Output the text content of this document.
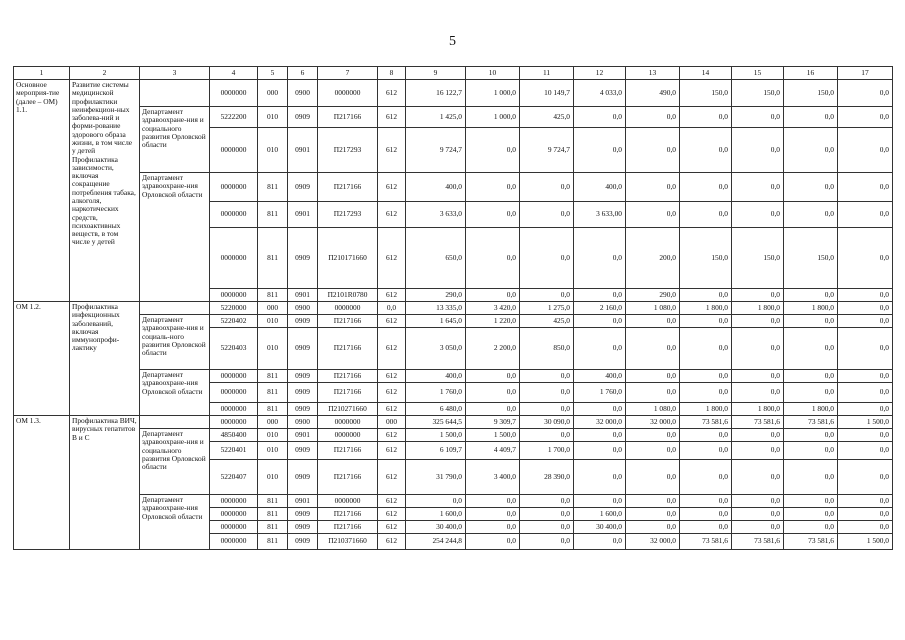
5
1	2	3	4	5	6	7	8	9	10	11	12	13	14	15	16	17
Основное мероприя-тие (далее – ОМ) 1.1.	Развитие системы медицинской профилактики неинфекцион-ных заболева-ний и форми-рование здорового образа жизни, в том числе у детей Профилактика зависимости, включая сокращение потребления табака, алкоголя, наркотических средств, психоактивных веществ, в том числе у детей		0000000	000	0900	0000000	612	16 122,7	1 000,0	10 149,7	4 033,0	490,0	150,0	150,0	150,0	0,0
		Департамент здравоохране-ния и социального развития Орловской области	5222200	010	0909	П217166	612	1 425,0	1 000,0	425,0	0,0	0,0	0,0	0,0	0,0	0,0
			0000000	010	0901	П217293	612	9 724,7	0,0	9 724,7	0,0	0,0	0,0	0,0	0,0	0,0
		Департамент здравоохране-ния Орловской области	0000000	811	0909	П217166	612	400,0	0,0	0,0	400,0	0,0	0,0	0,0	0,0	0,0
			0000000	811	0901	П217293	612	3 633,0	0,0	0,0	3 633,00	0,0	0,0	0,0	0,0	0,0
			0000000	811	0909	П210171660	612	650,0	0,0	0,0	0,0	200,0	150,0	150,0	150,0	0,0
			0000000	811	0901	П2101R0780	612	290,0	0,0	0,0	0,0	290,0	0,0	0,0	0,0	0,0
ОМ 1.2.	Профилактика инфекционных заболеваний, включая иммунопрофи-лактику		5220000	000	0900	0000000	0,0	13 335,0	3 420,0	1 275,0	2 160,0	1 080,0	1 800,0	1 800,0	1 800,0	0,0
		Департамент здравоохране-ния и социаль-ного развития Орловской области	5220402	010	0909	П217166	612	1 645,0	1 220,0	425,0	0,0	0,0	0,0	0,0	0,0	0,0
			5220403	010	0909	П217166	612	3 050,0	2 200,0	850,0	0,0	0,0	0,0	0,0	0,0	0,0
		Департамент здравоохране-ния Орловской области	0000000	811	0909	П217166	612	400,0	0,0	0,0	400,0	0,0	0,0	0,0	0,0	0,0
			0000000	811	0909	П217166	612	1 760,0	0,0	0,0	1 760,0	0,0	0,0	0,0	0,0	0,0
			0000000	811	0909	П210271660	612	6 480,0	0,0	0,0	0,0	1 080,0	1 800,0	1 800,0	1 800,0	0,0
ОМ 1.3.	Профилактика ВИЧ, вирусных гепатитов В и С		0000000	000	0900	0000000	000	325 644,5	9 309,7	30 090,0	32 000,0	32 000,0	73 581,6	73 581,6	73 581,6	1 500,0
		Департамент здравоохране-ния и социального развития Орловской области	4850400	010	0901	0000000	612	1 500,0	1 500,0	0,0	0,0	0,0	0,0	0,0	0,0	0,0
			5220401	010	0909	П217166	612	6 109,7	4 409,7	1 700,0	0,0	0,0	0,0	0,0	0,0	0,0
			5220407	010	0909	П217166	612	31 790,0	3 400,0	28 390,0	0,0	0,0	0,0	0,0	0,0	0,0
		Департамент здравоохране-ния Орловской области	0000000	811	0901	0000000	612	0,0	0,0	0,0	0,0	0,0	0,0	0,0	0,0	0,0
			0000000	811	0909	П217166	612	1 600,0	0,0	0,0	1 600,0	0,0	0,0	0,0	0,0	0,0
			0000000	811	0909	П217166	612	30 400,0	0,0	0,0	30 400,0	0,0	0,0	0,0	0,0	0,0
			0000000	811	0909	П210371660	612	254 244,8	0,0	0,0	0,0	32 000,0	73 581,6	73 581,6	73 581,6	1 500,0
